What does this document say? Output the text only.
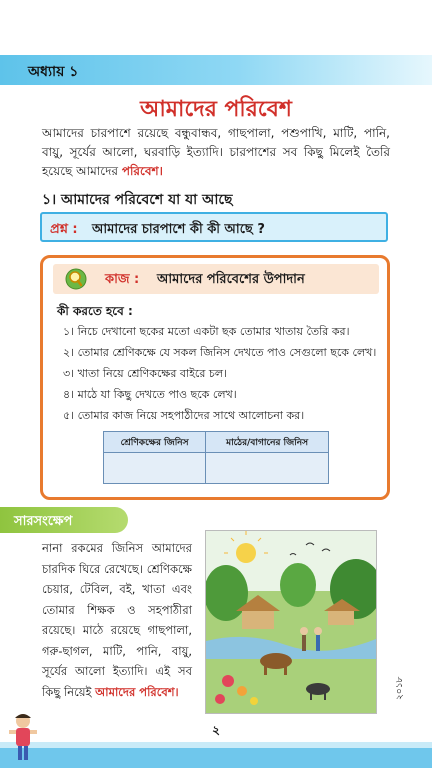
অধ্যায় ১
আমাদের পরিবেশ

আমাদের চারপাশে রয়েছে বন্ধুবান্ধব, গাছপালা, পশুপাখি, মাটি, পানি, বায়ু, সূর্যের আলো, ঘরবাড়ি ইত্যাদি। চারপাশের সব কিছু মিলেই তৈরি হয়েছে আমাদের পরিবেশ।

১। আমাদের পরিবেশে যা যা আছে
প্রশ্ন : আমাদের চারপাশে কী কী আছে ?
কাজ : আমাদের পরিবেশের উপাদান
কী করতে হবে :
১। নিচে দেখানো ছকের মতো একটা ছক তোমার খাতায় তৈরি কর।
২। তোমার শ্রেণিকক্ষে যে সকল জিনিস দেখতে পাও সেগুলো ছকে লেখ।
৩। খাতা নিয়ে শ্রেণিকক্ষের বাইরে চল।
৪। মাঠে যা কিছু দেখতে পাও ছকে লেখ।
৫। তোমার কাজ নিয়ে সহপাঠীদের সাথে আলোচনা কর।
শ্রেণিকক্ষের জিনিস	মাঠের/বাগানের জিনিস

সারসংক্ষেপ

নানা রকমের জিনিস আমাদের চারদিক ঘিরে রেখেছে। শ্রেণিকক্ষে চেয়ার, টেবিল, বই, খাতা এবং তোমার শিক্ষক ও সহপাঠীরা রয়েছে। মাঠে রয়েছে গাছপালা, গরু-ছাগল, মাটি, পানি, বায়ু, সূর্যের আলো ইত্যাদি। এই সব কিছু নিয়েই আমাদের পরিবেশ।	২০১৮
২
